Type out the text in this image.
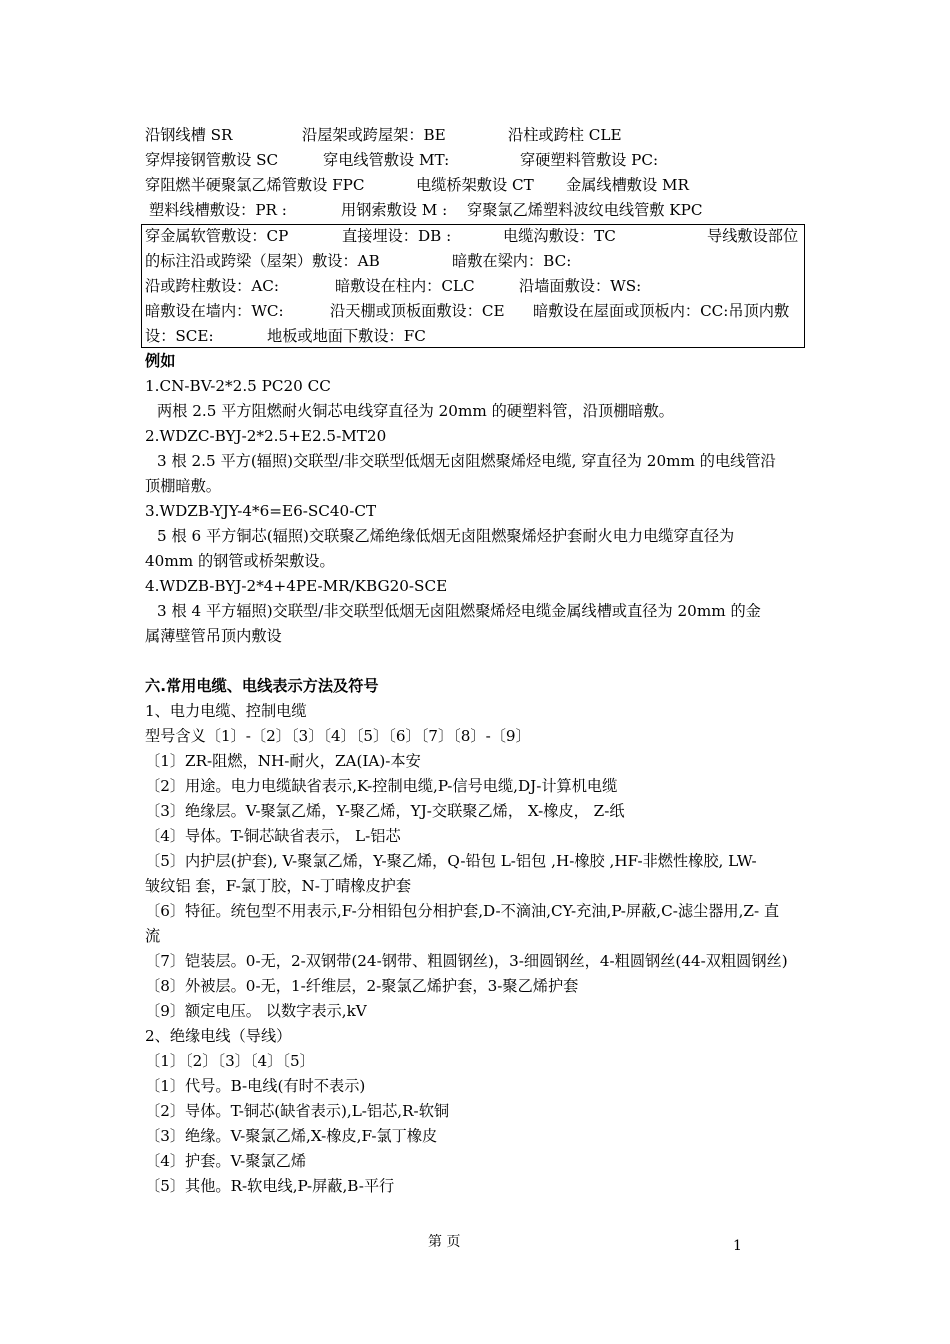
沿钢线槽 SR	沿屋架或跨屋架：BE	沿柱或跨柱 CLE
穿焊接钢管敷设 SC	穿电线管敷设 MT:	穿硬塑料管敷设 PC:
穿阻燃半硬聚氯乙烯管敷设 FPC	电缆桥架敷设 CT 金属线槽敷设 MR
塑料线槽敷设：PR :	用钢索敷设 M : 穿聚氯乙烯塑料波纹电线管敷 KPC
穿金属软管敷设：CP	直接埋设：DB :	电缆沟敷设：TC	导线敷设部位
的标注沿或跨梁（屋架）敷设：AB	暗敷在梁内：BC:
沿或跨柱敷设：AC:	暗敷设在柱内：CLC	沿墙面敷设：WS:
暗敷设在墙内：WC:	沿天棚或顶板面敷设：CE 暗敷设在屋面或顶板内：CC:吊顶内敷
设：SCE:	地板或地面下敷设：FC
例如
1.CN-BV-2*2.5 PC20 CC
两根 2.5 平方阻燃耐火铜芯电线穿直径为 20mm 的硬塑料管，沿顶棚暗敷。
2.WDZC-BYJ-2*2.5+E2.5-MT20
3 根 2.5 平方(辐照)交联型/非交联型低烟无卤阻燃聚烯烃电缆, 穿直径为 20mm 的电线管沿
顶棚暗敷。
3.WDZB-YJY-4*6=E6-SC40-CT
5 根 6 平方铜芯(辐照)交联聚乙烯绝缘低烟无卤阻燃聚烯烃护套耐火电力电缆穿直径为
40mm 的钢管或桥架敷设。
4.WDZB-BYJ-2*4+4PE-MR/KBG20-SCE
3 根 4 平方辐照)交联型/非交联型低烟无卤阻燃聚烯烃电缆金属线槽或直径为 20mm 的金
属薄壁管吊顶内敷设
六.常用电缆、电线表示方法及符号
1、电力电缆、控制电缆
型号含义〔1〕-〔2〕〔3〕〔4〕〔5〕〔6〕〔7〕〔8〕-〔9〕
〔1〕ZR-阻燃，NH-耐火，ZA(IA)-本安
〔2〕用途。电力电缆缺省表示,K-控制电缆,P-信号电缆,DJ-计算机电缆
〔3〕绝缘层。V-聚氯乙烯，Y-聚乙烯，YJ-交联聚乙烯， X-橡皮， Z-纸
〔4〕导体。T-铜芯缺省表示， L-铝芯
〔5〕内护层(护套), V-聚氯乙烯，Y-聚乙烯，Q-铅包 L-铝包 ,H-橡胶 ,HF-非燃性橡胶, LW-
皱纹铝 套，F-氯丁胶，N-丁晴橡皮护套
〔6〕特征。统包型不用表示,F-分相铅包分相护套,D-不滴油,CY-充油,P-屏蔽,C-滤尘器用,Z- 直
流
〔7〕铠装层。0-无，2-双钢带(24-钢带、粗圆钢丝)，3-细圆钢丝，4-粗圆钢丝(44-双粗圆钢丝)
〔8〕外被层。0-无，1-纤维层，2-聚氯乙烯护套，3-聚乙烯护套
〔9〕额定电压。 以数字表示,kV
2、绝缘电线（导线）
〔1〕〔2〕〔3〕〔4〕〔5〕
〔1〕代号。B-电线(有时不表示)
〔2〕导体。T-铜芯(缺省表示),L-铝芯,R-软铜
〔3〕绝缘。V-聚氯乙烯,X-橡皮,F-氯丁橡皮
〔4〕护套。V-聚氯乙烯
〔5〕其他。R-软电线,P-屏蔽,B-平行
第 页	1
